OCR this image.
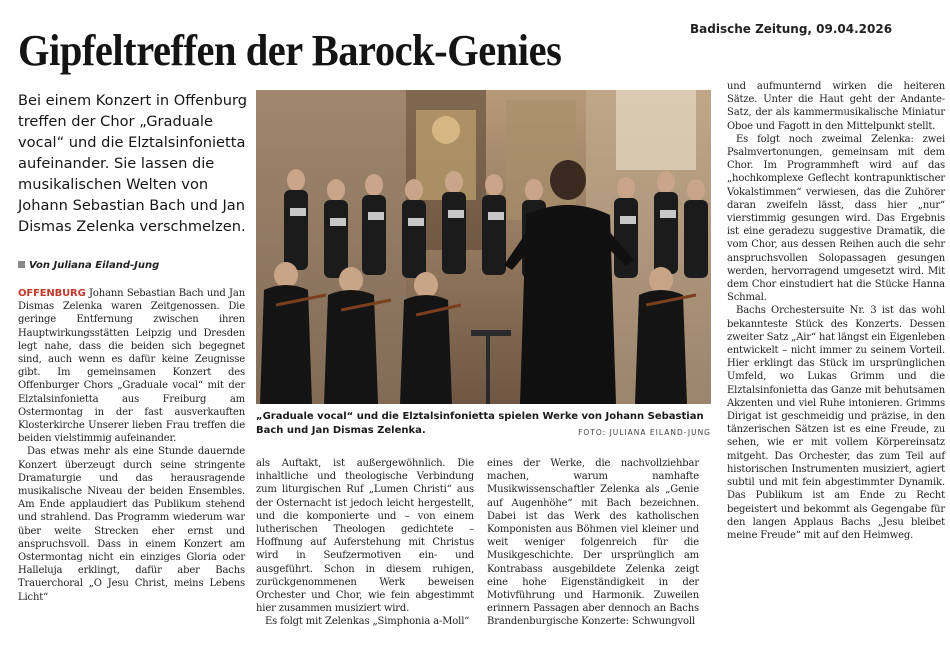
Badische Zeitung, 09.04.2026
Gipfeltreffen der Barock-Genies
Bei einem Konzert in Offenburg treffen der Chor „Graduale vocal“ und die Elztalsinfonietta aufeinander. Sie lassen die musikalischen Welten von Johann Sebastian Bach und Jan Dismas Zelenka verschmelzen.
Von Juliana Eiland-Jung
„Graduale vocal“ und die Elztalsinfonietta spielen Werke von Johann Sebastian Bach und Jan Dismas Zelenka.	FOTO: JULIANA EILAND-JUNG

OFFENBURG Johann Sebastian Bach und Jan Dismas Zelenka waren Zeitgenossen. Die geringe Entfernung zwischen ihren Hauptwirkungsstätten Leipzig und Dresden legt nahe, dass die beiden sich begegnet sind, auch wenn es dafür keine Zeugnisse gibt. Im gemeinsamen Konzert des Offenburger Chors „Graduale vocal“ mit der Elztalsinfonietta aus Freiburg am Ostermontag in der fast ausverkauften Klosterkirche Unserer lieben Frau treffen die beiden vielstimmig aufeinander.

Das etwas mehr als eine Stunde dauernde Konzert überzeugt durch seine stringente Dramaturgie und das herausragende musikalische Niveau der beiden Ensembles. Am Ende applaudiert das Publikum stehend und strahlend. Das Programm wiederum war über weite Strecken eher ernst und anspruchsvoll. Dass in einem Konzert am Ostermontag nicht ein einziges Gloria oder Halleluja erklingt, dafür aber Bachs Trauerchoral „O Jesu Christ, meins Lebens Licht“

als Auftakt, ist außergewöhnlich. Die inhaltliche und theologische Verbindung zum liturgischen Ruf „Lumen Christi“ aus der Osternacht ist jedoch leicht hergestellt, und die komponierte und – von einem lutherischen Theologen gedichtete – Hoffnung auf Auferstehung mit Christus wird in Seufzermotiven ein- und ausgeführt. Schon in diesem ruhigen, zurückgenommenen Werk beweisen Orchester und Chor, wie fein abgestimmt hier zusammen musiziert wird.

Es folgt mit Zelenkas „Simphonia a-Moll“

eines der Werke, die nachvollziehbar machen, warum namhafte Musikwissenschaftler Zelenka als „Genie auf Augenhöhe“ mit Bach bezeichnen. Dabei ist das Werk des katholischen Komponisten aus Böhmen viel kleiner und weit weniger folgenreich für die Musikgeschichte. Der ursprünglich am Kontrabass ausgebildete Zelenka zeigt eine hohe Eigenständigkeit in der Motivführung und Harmonik. Zuweilen erinnern Passagen aber dennoch an Bachs Brandenburgische Konzerte: Schwungvoll

und aufmunternd wirken die heiteren Sätze. Unter die Haut geht der Andante-Satz, der als kammermusikalische Miniatur Oboe und Fagott in den Mittelpunkt stellt.

Es folgt noch zweimal Zelenka: zwei Psalmvertonungen, gemeinsam mit dem Chor. Im Programmheft wird auf das „hochkomplexe Geflecht kontrapunktischer Vokalstimmen“ verwiesen, das die Zuhörer daran zweifeln lässt, dass hier „nur“ vierstimmig gesungen wird. Das Ergebnis ist eine geradezu suggestive Dramatik, die vom Chor, aus dessen Reihen auch die sehr anspruchsvollen Solopassagen gesungen werden, hervorragend umgesetzt wird. Mit dem Chor einstudiert hat die Stücke Hanna Schmal.

Bachs Orchestersuite Nr. 3 ist das wohl bekannteste Stück des Konzerts. Dessen zweiter Satz „Air“ hat längst ein Eigenleben entwickelt – nicht immer zu seinem Vorteil. Hier erklingt das Stück im ursprünglichen Umfeld, wo Lukas Grimm und die Elztalsinfonietta das Ganze mit behutsamen Akzenten und viel Ruhe intonieren. Grimms Dirigat ist geschmeidig und präzise, in den tänzerischen Sätzen ist es eine Freude, zu sehen, wie er mit vollem Körpereinsatz mitgeht. Das Orchester, das zum Teil auf historischen Instrumenten musiziert, agiert subtil und mit fein abgestimmter Dynamik. Das Publikum ist am Ende zu Recht begeistert und bekommt als Gegengabe für den langen Applaus Bachs „Jesu bleibet meine Freude“ mit auf den Heimweg.
